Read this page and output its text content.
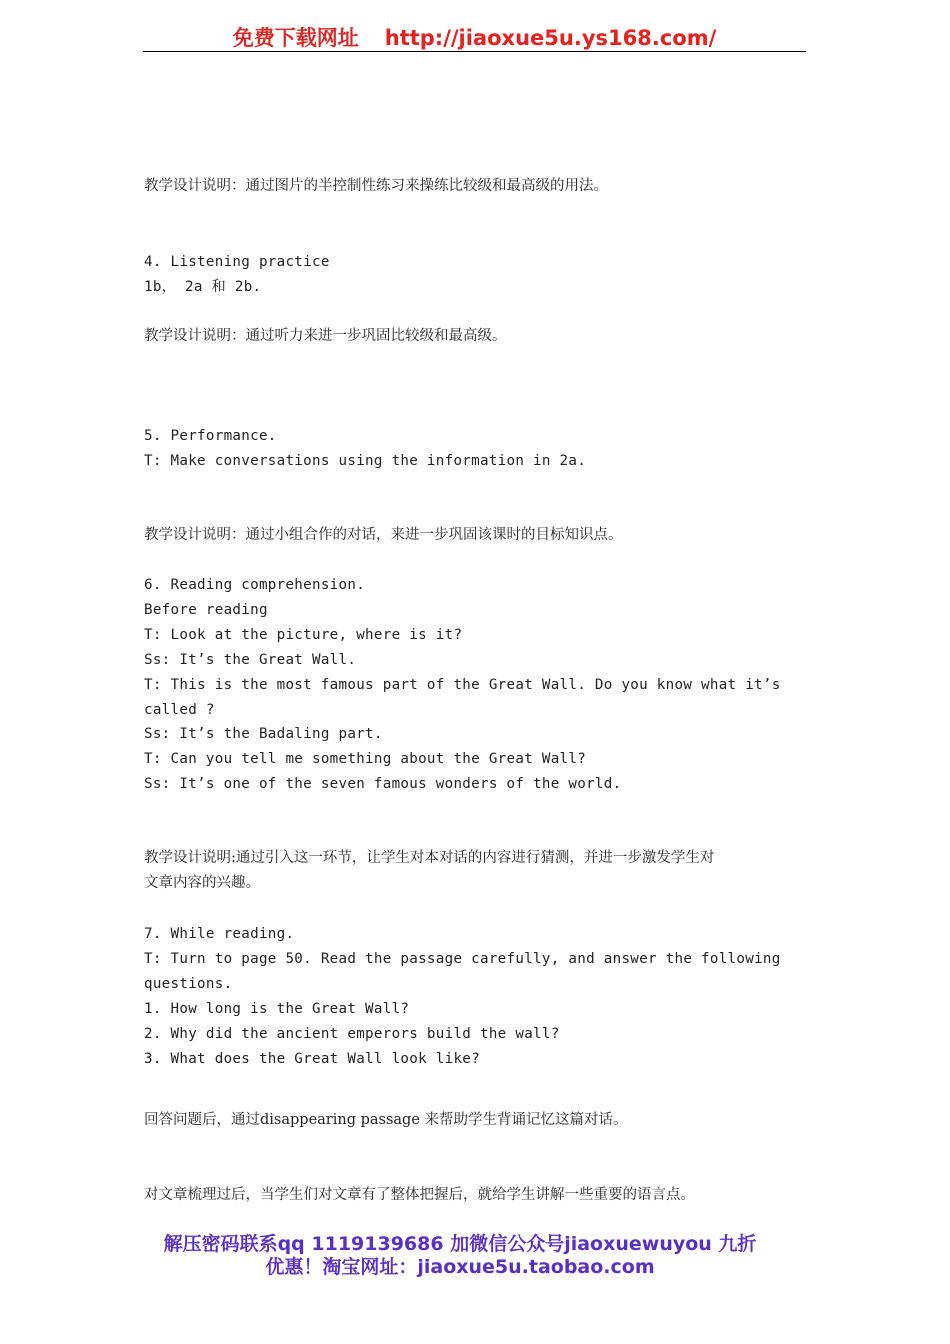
免费下载网址 http://jiaoxue5u.ys168.com/
教学设计说明：通过图片的半控制性练习来操练比较级和最高级的用法。
4. Listening practice
1b， 2a 和 2b.
教学设计说明：通过听力来进一步巩固比较级和最高级。
5. Performance.
T: Make conversations using the information in 2a.
教学设计说明：通过小组合作的对话，来进一步巩固该课时的目标知识点。
6. Reading comprehension.
Before reading
T: Look at the picture, where is it?
Ss: It’s the Great Wall.
T: This is the most famous part of the Great Wall. Do you know what it’s
called ?
Ss: It’s the Badaling part.
T: Can you tell me something about the Great Wall?
Ss: It’s one of the seven famous wonders of the world.
教学设计说明:通过引入这一环节，让学生对本对话的内容进行猜测，并进一步激发学生对
文章内容的兴趣。
7. While reading.
T: Turn to page 50. Read the passage carefully, and answer the following
questions.
1. How long is the Great Wall?
2. Why did the ancient emperors build the wall?
3. What does the Great Wall look like?
回答问题后，通过disappearing passage 来帮助学生背诵记忆这篇对话。
对文章梳理过后，当学生们对文章有了整体把握后，就给学生讲解一些重要的语言点。
解压密码联系qq 1119139686 加微信公众号jiaoxuewuyou 九折
优惠！淘宝网址：jiaoxue5u.taobao.com
